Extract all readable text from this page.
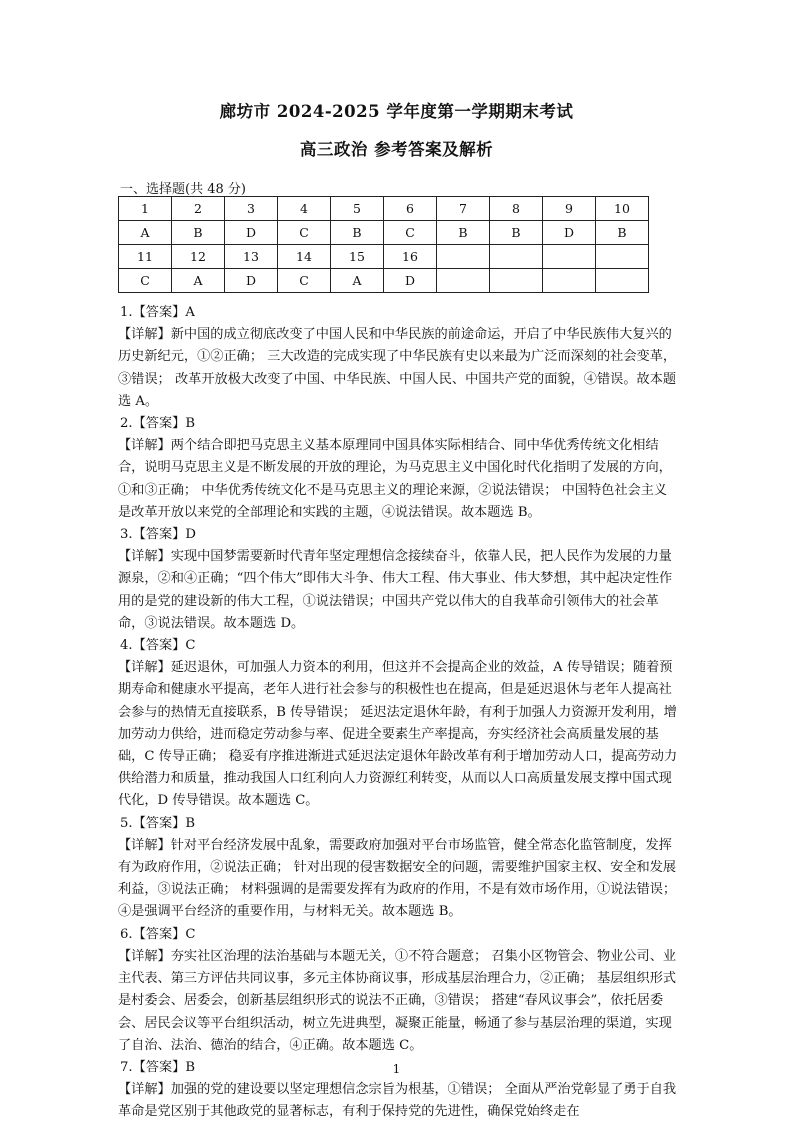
廊坊市 2024-2025 学年度第一学期期末考试
高三政治 参考答案及解析
一、选择题(共 48 分)
1	2	3	4	5	6	7	8	9	10
A	B	D	C	B	C	B	B	D	B
11	12	13	14	15	16				
C	A	D	C	A	D				

1.【答案】A

【详解】新中国的成立彻底改变了中国人民和中华民族的前途命运，开启了中华民族伟大复兴的历史新纪元，①②正确； 三大改造的完成实现了中华民族有史以来最为广泛而深刻的社会变革，③错误； 改革开放极大改变了中国、中华民族、中国人民、中国共产党的面貌，④错误。故本题选 A。

2.【答案】B

【详解】两个结合即把马克思主义基本原理同中国具体实际相结合、同中华优秀传统文化相结合，说明马克思主义是不断发展的开放的理论，为马克思主义中国化时代化指明了发展的方向，①和③正确； 中华优秀传统文化不是马克思主义的理论来源，②说法错误； 中国特色社会主义是改革开放以来党的全部理论和实践的主题，④说法错误。故本题选 B。

3.【答案】D

【详解】实现中国梦需要新时代青年坚定理想信念接续奋斗，依靠人民，把人民作为发展的力量源泉，②和④正确；“四个伟大”即伟大斗争、伟大工程、伟大事业、伟大梦想，其中起决定性作用的是党的建设新的伟大工程，①说法错误；中国共产党以伟大的自我革命引领伟大的社会革命，③说法错误。故本题选 D。

4.【答案】C

【详解】延迟退休，可加强人力资本的利用，但这并不会提高企业的效益，A 传导错误；随着预期寿命和健康水平提高，老年人进行社会参与的积极性也在提高，但是延迟退休与老年人提高社会参与的热情无直接联系，B 传导错误； 延迟法定退休年龄，有利于加强人力资源开发利用，增加劳动力供给，进而稳定劳动参与率、促进全要素生产率提高，夯实经济社会高质量发展的基础，C 传导正确； 稳妥有序推进渐进式延迟法定退休年龄改革有利于增加劳动人口，提高劳动力供给潜力和质量，推动我国人口红利向人力资源红利转变，从而以人口高质量发展支撑中国式现代化，D 传导错误。故本题选 C。

5.【答案】B

【详解】针对平台经济发展中乱象，需要政府加强对平台市场监管，健全常态化监管制度，发挥有为政府作用，②说法正确； 针对出现的侵害数据安全的问题，需要维护国家主权、安全和发展利益，③说法正确； 材料强调的是需要发挥有为政府的作用，不是有效市场作用，①说法错误； ④是强调平台经济的重要作用，与材料无关。故本题选 B。

6.【答案】C

【详解】夯实社区治理的法治基础与本题无关，①不符合题意； 召集小区物管会、物业公司、业主代表、第三方评估共同议事，多元主体协商议事，形成基层治理合力，②正确； 基层组织形式是村委会、居委会，创新基层组织形式的说法不正确，③错误； 搭建“春风议事会”，依托居委会、居民会议等平台组织活动，树立先进典型，凝聚正能量，畅通了参与基层治理的渠道，实现了自治、法治、德治的结合，④正确。故本题选 C。

7.【答案】B

【详解】加强的党的建设要以坚定理想信念宗旨为根基，①错误； 全面从严治党彰显了勇于自我革命是党区别于其他政党的显著标志，有利于保持党的先进性，确保党始终走在

1
